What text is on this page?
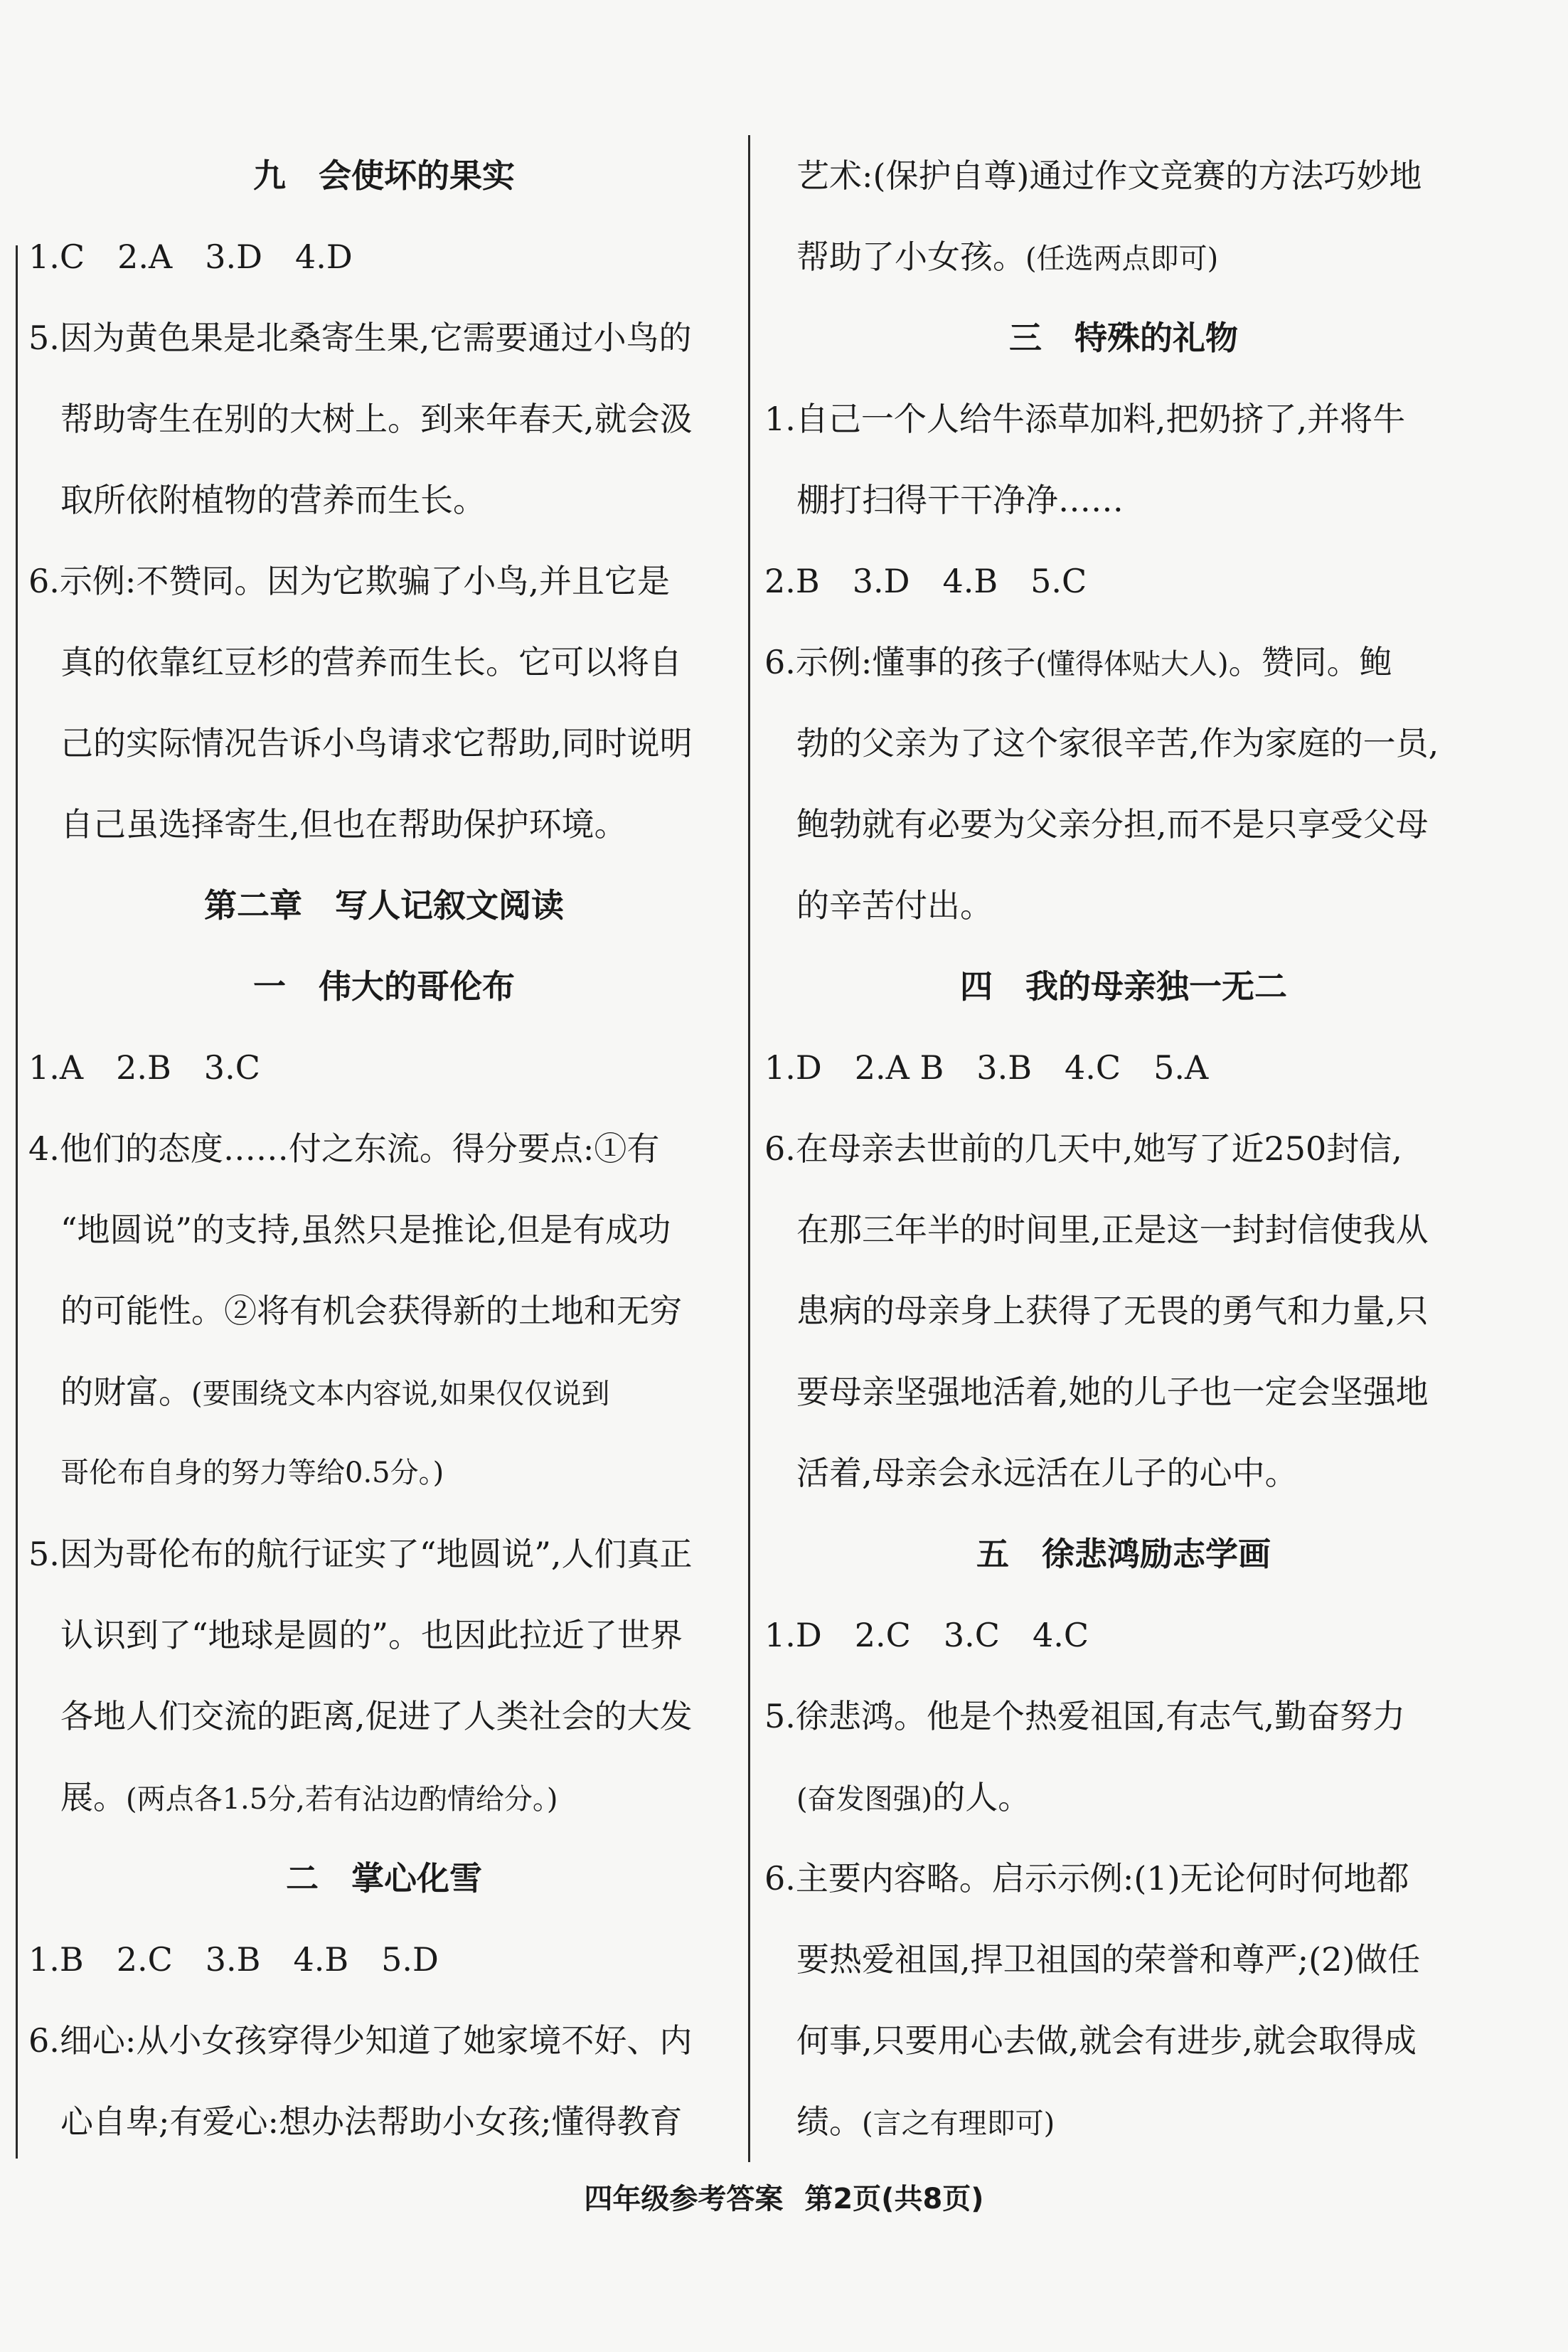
九　会使坏的果实
1.C　2.A　3.D　4.D
5.因为黄色果是北桑寄生果,它需要通过小鸟的
帮助寄生在别的大树上。到来年春天,就会汲
取所依附植物的营养而生长。
6.示例:不赞同。因为它欺骗了小鸟,并且它是
真的依靠红豆杉的营养而生长。它可以将自
己的实际情况告诉小鸟请求它帮助,同时说明
自己虽选择寄生,但也在帮助保护环境。
第二章　写人记叙文阅读
一　伟大的哥伦布
1.A　2.B　3.C
4.他们的态度……付之东流。得分要点:①有
“地圆说”的支持,虽然只是推论,但是有成功
的可能性。②将有机会获得新的土地和无穷
的财富。(要围绕文本内容说,如果仅仅说到
哥伦布自身的努力等给0.5分。)
5.因为哥伦布的航行证实了“地圆说”,人们真正
认识到了“地球是圆的”。也因此拉近了世界
各地人们交流的距离,促进了人类社会的大发
展。(两点各1.5分,若有沾边酌情给分。)
二　掌心化雪
1.B　2.C　3.B　4.B　5.D
6.细心:从小女孩穿得少知道了她家境不好、内
心自卑;有爱心:想办法帮助小女孩;懂得教育
艺术:(保护自尊)通过作文竞赛的方法巧妙地
帮助了小女孩。(任选两点即可)
三　特殊的礼物
1.自己一个人给牛添草加料,把奶挤了,并将牛
棚打扫得干干净净……
2.B　3.D　4.B　5.C
6.示例:懂事的孩子(懂得体贴大人)。赞同。鲍
勃的父亲为了这个家很辛苦,作为家庭的一员,
鲍勃就有必要为父亲分担,而不是只享受父母
的辛苦付出。
四　我的母亲独一无二
1.D　2.A B　3.B　4.C　5.A
6.在母亲去世前的几天中,她写了近250封信,
在那三年半的时间里,正是这一封封信使我从
患病的母亲身上获得了无畏的勇气和力量,只
要母亲坚强地活着,她的儿子也一定会坚强地
活着,母亲会永远活在儿子的心中。
五　徐悲鸿励志学画
1.D　2.C　3.C　4.C
5.徐悲鸿。他是个热爱祖国,有志气,勤奋努力
(奋发图强)的人。
6.主要内容略。启示示例:(1)无论何时何地都
要热爱祖国,捍卫祖国的荣誉和尊严;(2)做任
何事,只要用心去做,就会有进步,就会取得成
绩。(言之有理即可)
四年级参考答案 第2页(共8页)
